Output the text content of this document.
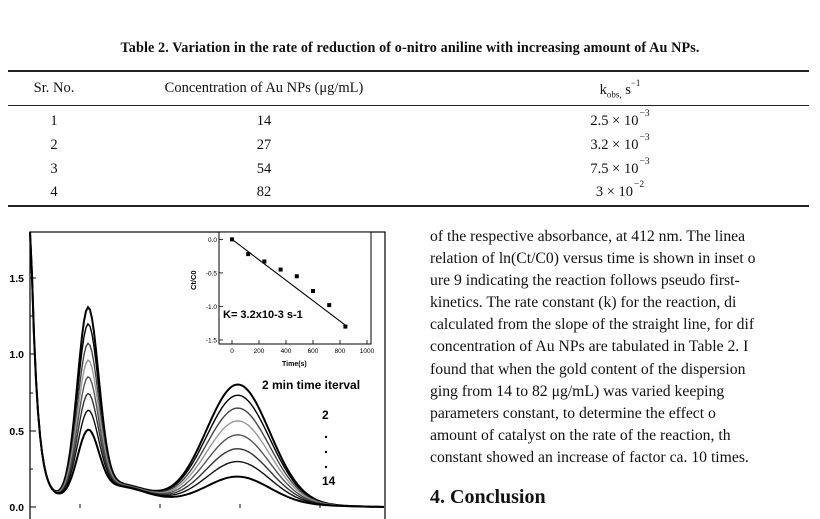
Table 2. Variation in the rate of reduction of o-nitro aniline with increasing amount of Au NPs.
Sr. No.	Concentration of Au NPs (μg/mL)	$k_{obs,}$ $s^{-1}$
1	14	2.5 × 10 −3
2	27	3.2 × 10 −3
3	54	7.5 × 10 −3
4	82	3 × 10 −2
1.5
1.0
0.5
0.0
2 min time iterval
2
14
Ct/C0
Time(s)
0.0
-0.5
-1.0
-1.5
0	200 400 600 800 1000
K= 3.2x10-3 s-1
of the respective absorbance, at 412 nm. The linea
relation of ln(Ct/C0) versus time is shown in inset o
ure 9 indicating the reaction follows pseudo first-
kinetics. The rate constant (k) for the reaction, di
calculated from the slope of the straight line, for dif
concentration of Au NPs are tabulated in Table 2. I
found that when the gold content of the dispersion
ging from 14 to 82 μg/mL) was varied keeping
parameters constant, to determine the effect o
amount of catalyst on the rate of the reaction, th
constant showed an increase of factor ca. 10 times.
4. Conclusion
